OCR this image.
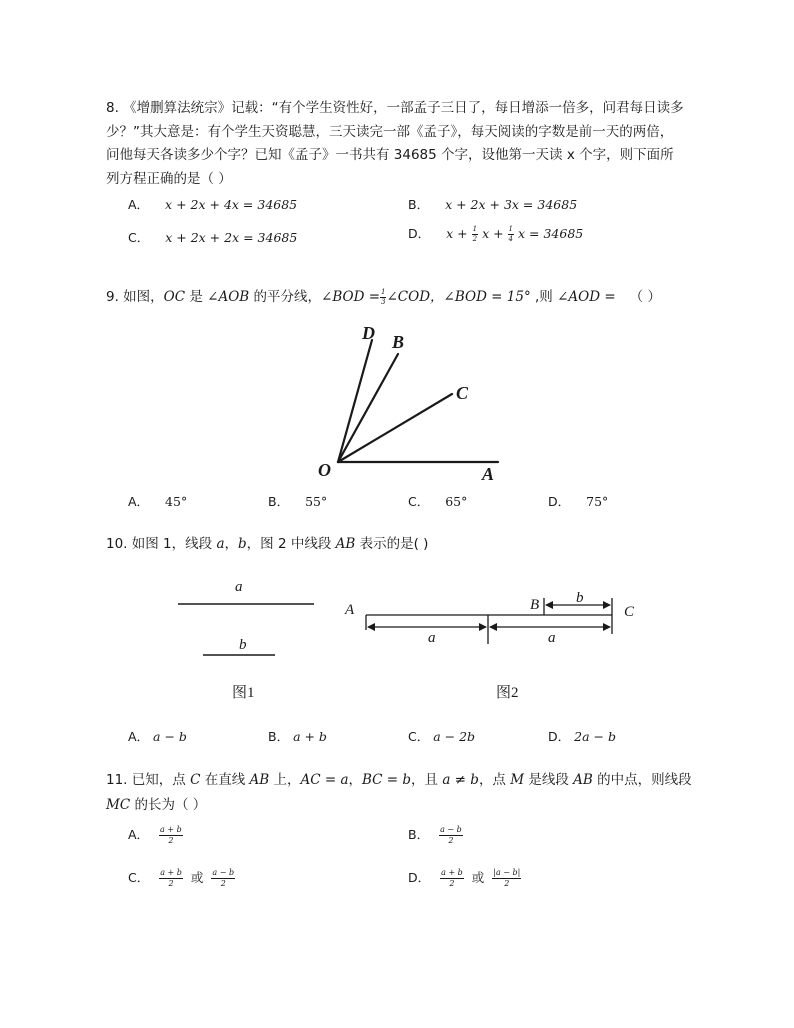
8. 《增删算法统宗》记载：“有个学生资性好，一部孟子三日了，每日增添一倍多，问君每日读多
少？”其大意是：有个学生天资聪慧，三天读完一部《孟子》，每天阅读的字数是前一天的两倍，
问他每天各读多少个字？已知《孟子》一书共有 34685 个字，设他第一天读 x 个字，则下面所
列方程正确的是（ ）
A． x + 2x + 4x = 34685	B． x + 2x + 3x = 34685
C． x + 2x + 2x = 34685	D． $x + \frac{1}{2}$ $x + \frac{1}{4}$ x = 34685
9. 如图，OC 是 ∠AOB 的平分线，∠BOD = $\frac{1}{3}$ ∠COD，∠BOD = 15° ,则 ∠AOD = （ ）
D B
C
O	A
A． 45°	B． 55°	C． 65°	D． 75°
10. 如图 1，线段 a，b，图 2 中线段 AB 表示的是( )
a
b
图1
A	B	C
b
a	a
图2
A． a − b	B． a + b	C． a − 2b	D． 2a − b
11. 已知，点 C 在直线 AB 上，AC = a，BC = b，且 a ≠ b，点 M 是线段 AB 的中点，则线段
MC 的长为（ ）
A． $\frac{a + b}{2}$	B． $\frac{a - b}{2}$
C． $\frac{a + b}{2}$ 或 $\frac{a - b}{2}$	D． $\frac{a + b}{2}$ 或 $\frac{|a - b|}{2}$
